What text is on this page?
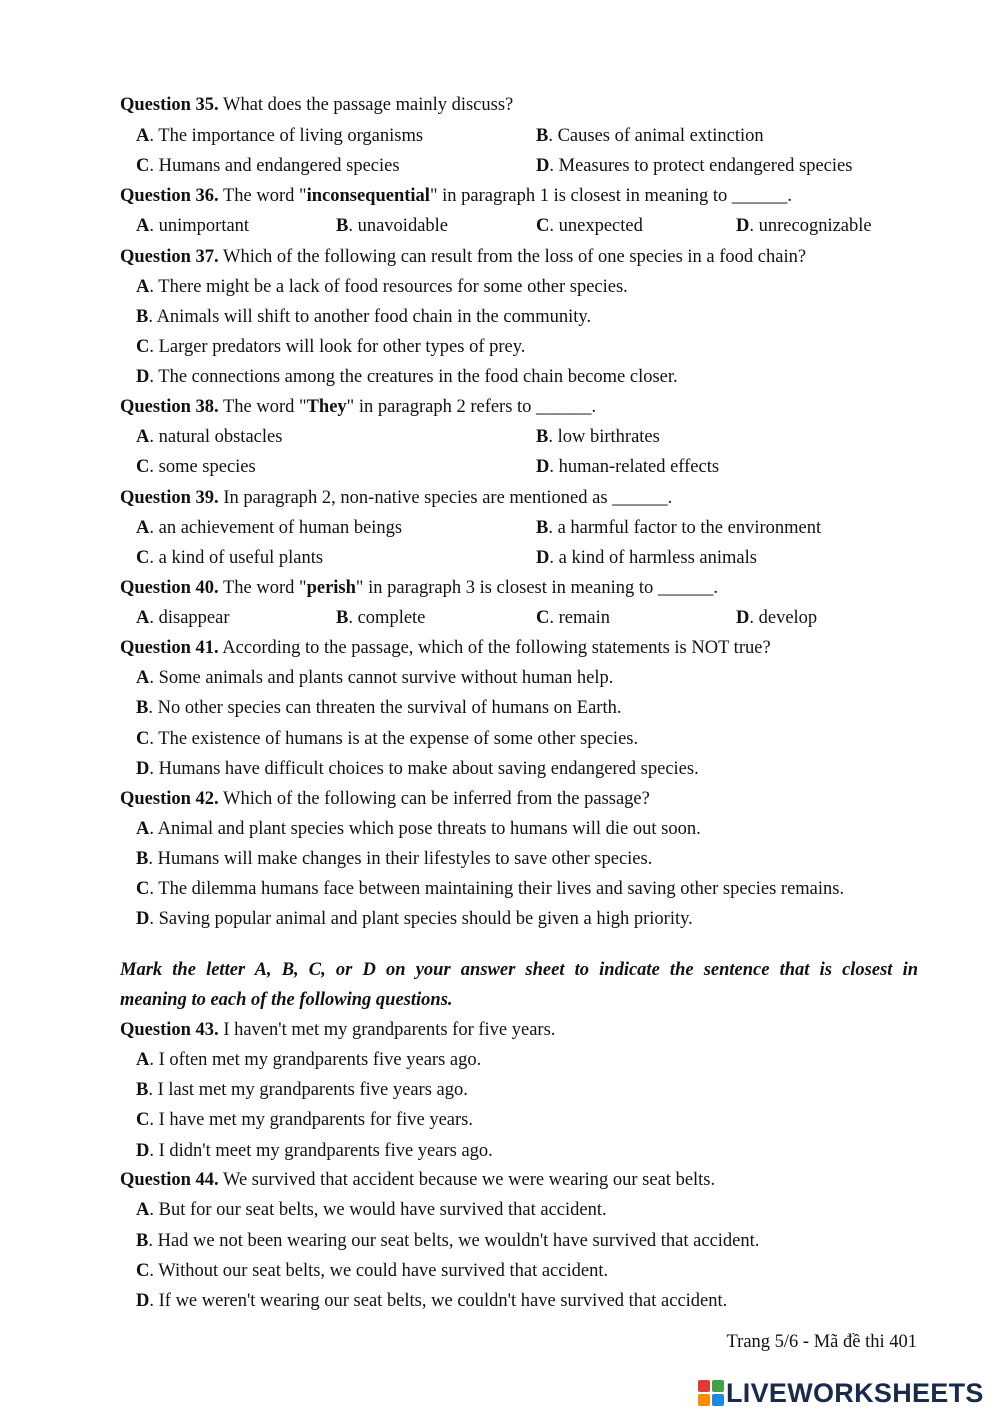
Question 35. What does the passage mainly discuss?
A. The importance of living organisms	B. Causes of animal extinction
C. Humans and endangered species	D. Measures to protect endangered species
Question 36. The word "inconsequential" in paragraph 1 is closest in meaning to ______.
A. unimportant	B. unavoidable	C. unexpected	D. unrecognizable
Question 37. Which of the following can result from the loss of one species in a food chain?
A. There might be a lack of food resources for some other species.
B. Animals will shift to another food chain in the community.
C. Larger predators will look for other types of prey.
D. The connections among the creatures in the food chain become closer.
Question 38. The word "They" in paragraph 2 refers to ______.
A. natural obstacles	B. low birthrates
C. some species	D. human-related effects
Question 39. In paragraph 2, non-native species are mentioned as ______.
A. an achievement of human beings	B. a harmful factor to the environment
C. a kind of useful plants	D. a kind of harmless animals
Question 40. The word "perish" in paragraph 3 is closest in meaning to ______.
A. disappear	B. complete	C. remain	D. develop
Question 41. According to the passage, which of the following statements is NOT true?
A. Some animals and plants cannot survive without human help.
B. No other species can threaten the survival of humans on Earth.
C. The existence of humans is at the expense of some other species.
D. Humans have difficult choices to make about saving endangered species.
Question 42. Which of the following can be inferred from the passage?
A. Animal and plant species which pose threats to humans will die out soon.
B. Humans will make changes in their lifestyles to save other species.
C. The dilemma humans face between maintaining their lives and saving other species remains.
D. Saving popular animal and plant species should be given a high priority.
Mark the letter A, B, C, or D on your answer sheet to indicate the sentence that is closest in
meaning to each of the following questions.
Question 43. I haven't met my grandparents for five years.
A. I often met my grandparents five years ago.
B. I last met my grandparents five years ago.
C. I have met my grandparents for five years.
D. I didn't meet my grandparents five years ago.
Question 44. We survived that accident because we were wearing our seat belts.
A. But for our seat belts, we would have survived that accident.
B. Had we not been wearing our seat belts, we wouldn't have survived that accident.
C. Without our seat belts, we could have survived that accident.
D. If we weren't wearing our seat belts, we couldn't have survived that accident.
Trang 5/6 - Mã đề thi 401
LIVEWORKSHEETS
